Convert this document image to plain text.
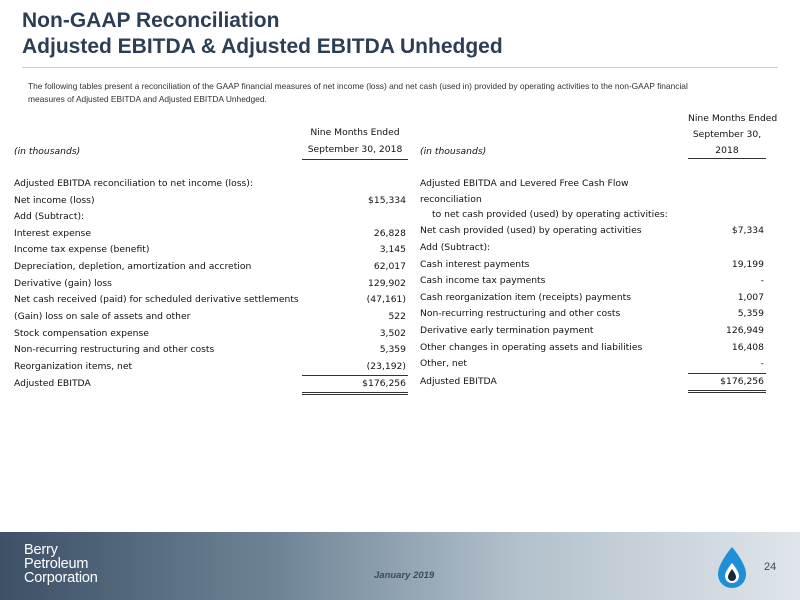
Non-GAAP Reconciliation
Adjusted EBITDA & Adjusted EBITDA Unhedged
The following tables present a reconciliation of the GAAP financial measures of net income (loss) and net cash (used in) provided by operating activities to the non-GAAP financial
measures of Adjusted EBITDA and Adjusted EBITDA Unhedged.
Nine Months Ended
(in thousands)	September 30, 2018
Adjusted EBITDA reconciliation to net income (loss):
Net income (loss)	$15,334
Add (Subtract):
Interest expense	26,828
Income tax expense (benefit)	3,145
Depreciation, depletion, amortization and accretion	62,017
Derivative (gain) loss	129,902
Net cash received (paid) for scheduled derivative settlements	(47,161)
(Gain) loss on sale of assets and other	522
Stock compensation expense	3,502
Non-recurring restructuring and other costs	5,359
Reorganization items, net	(23,192)
Adjusted EBITDA	$176,256
Nine Months Ended
September 30,
(in thousands)	2018
Adjusted EBITDA and Levered Free Cash Flow
reconciliation
to net cash provided (used) by operating activities:
Net cash provided (used) by operating activities	$7,334
Add (Subtract):
Cash interest payments	19,199
Cash income tax payments	-
Cash reorganization item (receipts) payments	1,007
Non-recurring restructuring and other costs	5,359
Derivative early termination payment	126,949
Other changes in operating assets and liabilities	16,408
Other, net	-
Adjusted EBITDA	$176,256
Berry
Petroleum
Corporation	January 2019
24
